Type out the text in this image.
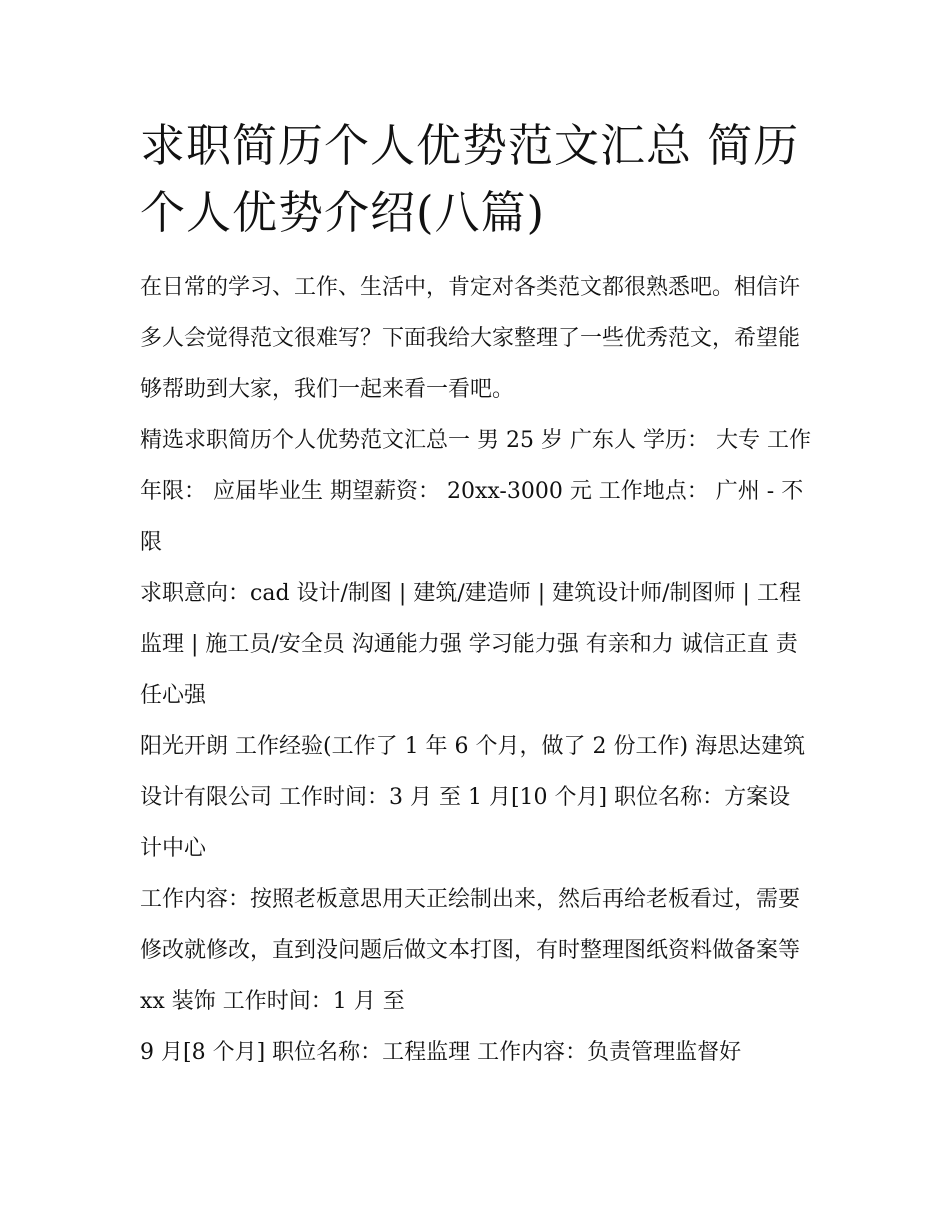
求职简历个人优势范文汇总 简历个人优势介绍(八篇)

在日常的学习、工作、生活中，肯定对各类范文都很熟悉吧。相信许多人会觉得范文很难写？下面我给大家整理了一些优秀范文，希望能够帮助到大家，我们一起来看一看吧。

精选求职简历个人优势范文汇总一 男 25 岁 广东人 学历： 大专 工作年限： 应届毕业生 期望薪资： 20xx-3000 元 工作地点： 广州 - 不限

求职意向：cad 设计/制图 | 建筑/建造师 | 建筑设计师/制图师 | 工程监理 | 施工员/安全员 沟通能力强 学习能力强 有亲和力 诚信正直 责任心强

阳光开朗 工作经验(工作了 1 年 6 个月，做了 2 份工作) 海思达建筑设计有限公司 工作时间：3 月 至 1 月[10 个月] 职位名称：方案设计中心

工作内容：按照老板意思用天正绘制出来，然后再给老板看过，需要修改就修改，直到没问题后做文本打图，有时整理图纸资料做备案等 xx 装饰 工作时间：1 月 至

9 月[8 个月] 职位名称：工程监理 工作内容：负责管理监督好
